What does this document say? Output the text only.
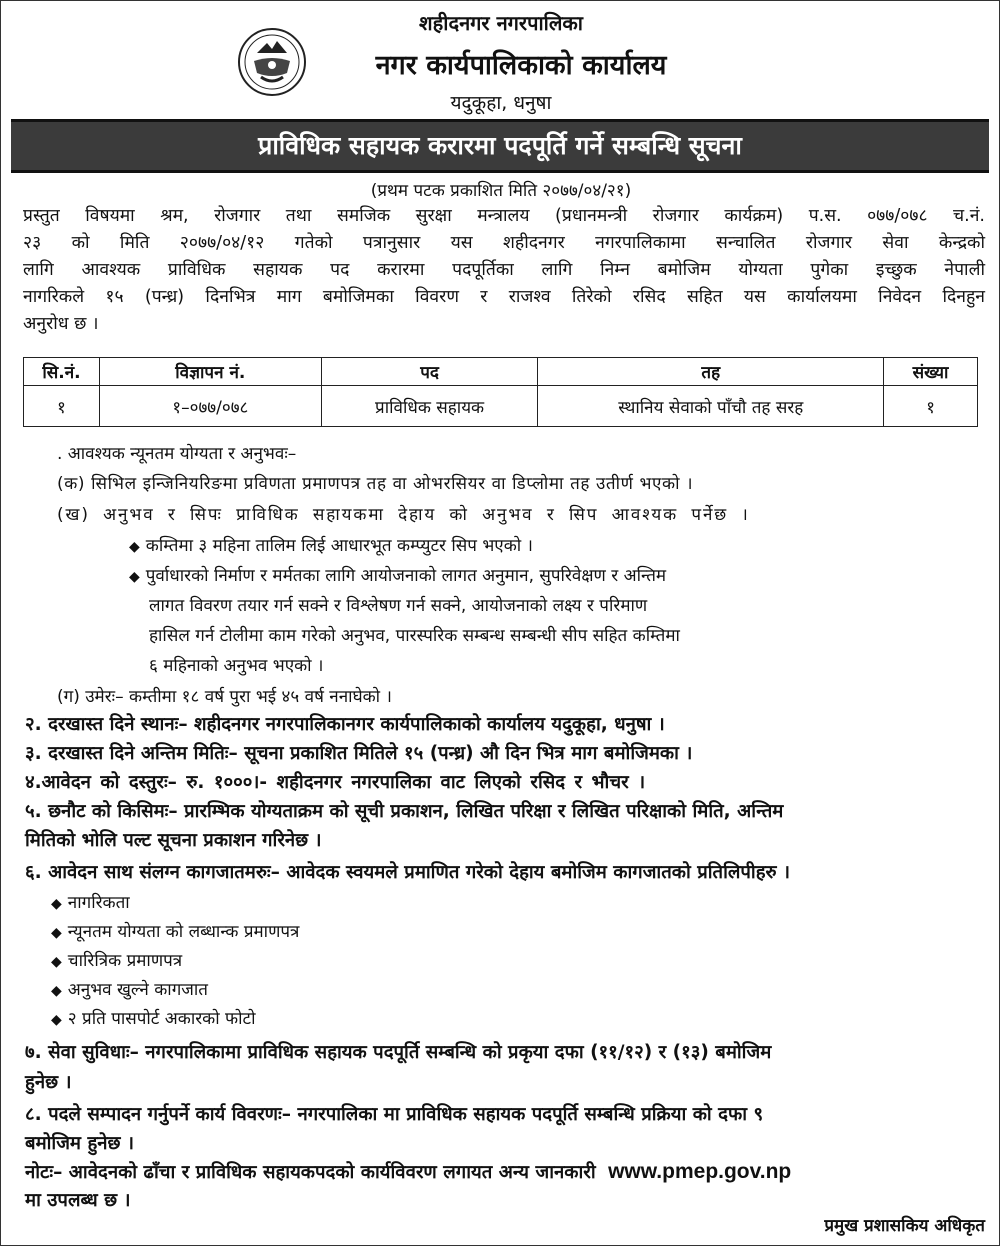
शहीदनगर नगरपालिका
नगर कार्यपालिकाको कार्यालय
यदुकूहा, धनुषा
प्राविधिक सहायक करारमा पदपूर्ति गर्ने सम्बन्धि सूचना
(प्रथम पटक प्रकाशित मिति २०७७/०४/२१)
प्रस्तुत विषयमा श्रम, रोजगार तथा समजिक सुरक्षा मन्त्रालय (प्रधानमन्त्री रोजगार कार्यक्रम) प.स. ०७७/०७८ च.नं.
२३ को मिति २०७७/०४/१२ गतेको पत्रानुसार यस शहीदनगर नगरपालिकामा सन्चालित रोजगार सेवा केन्द्रको
लागि आवश्यक प्राविधिक सहायक पद करारमा पदपूर्तिका लागि निम्न बमोजिम योग्यता पुगेका इच्छुक नेपाली
नागरिकले १५ (पन्ध्र) दिनभित्र माग बमोजिमका विवरण र राजश्व तिरेको रसिद सहित यस कार्यालयमा निवेदन दिनहुन
अनुरोध छ ।
सि.नं.	विज्ञापन नं.	पद	तह	संख्या
१	१–०७७/०७८	प्राविधिक सहायक	स्थानिय सेवाको पाँचौ तह सरह	१
. आवश्यक न्यूनतम योग्यता र अनुभवः–
(क) सिभिल इन्जिनियरिङमा प्रविणता प्रमाणपत्र तह वा ओभरसियर वा डिप्लोमा तह उतीर्ण भएको ।
(ख) अनुभव र सिपः प्राविधिक सहायकमा देहाय को अनुभव र सिप आवश्यक पर्नेछ ।
◆ कम्तिमा ३ महिना तालिम लिई आधारभूत कम्प्युटर सिप भएको ।
◆ पुर्वाधारको निर्माण र मर्मतका लागि आयोजनाको लागत अनुमान, सुपरिवेक्षण र अन्तिम
लागत विवरण तयार गर्न सक्ने र विश्लेषण गर्न सक्ने, आयोजनाको लक्ष्य र परिमाण
हासिल गर्न टोलीमा काम गरेको अनुभव, पारस्परिक सम्बन्ध सम्बन्धी सीप सहित कम्तिमा
६ महिनाको अनुभव भएको ।
(ग) उमेरः– कम्तीमा १८ वर्ष पुरा भई ४५ वर्ष ननाघेको ।
२. दरखास्त दिने स्थानः– शहीदनगर नगरपालिकानगर कार्यपालिकाको कार्यालय यदुकूहा, धनुषा ।
३. दरखास्त दिने अन्तिम मितिः– सूचना प्रकाशित मितिले १५ (पन्ध्र) औ दिन भित्र माग बमोजिमका ।
४.आवेदन को दस्तुरः– रु. १०००।- शहीदनगर नगरपालिका वाट लिएको रसिद र भौचर ।
५. छनौट को किसिमः– प्रारम्भिक योग्यताक्रम को सूची प्रकाशन, लिखित परिक्षा र लिखित परिक्षाको मिति, अन्तिम
मितिको भोलि पल्ट सूचना प्रकाशन गरिनेछ ।
६. आवेदन साथ संलग्न कागजातमरुः– आवेदक स्वयमले प्रमाणित गरेको देहाय बमोजिम कागजातको प्रतिलिपीहरु ।
◆ नागरिकता
◆ न्यूनतम योग्यता को लब्धान्क प्रमाणपत्र
◆ चारित्रिक प्रमाणपत्र
◆ अनुभव खुल्ने कागजात
◆ २ प्रति पासपोर्ट अकारको फोटो
७. सेवा सुविधाः– नगरपालिकामा प्राविधिक सहायक पदपूर्ति सम्बन्धि को प्रकृया दफा (११/१२) र (१३) बमोजिम
हुनेछ ।
८. पदले सम्पादन गर्नुपर्ने कार्य विवरणः– नगरपालिका मा प्राविधिक सहायक पदपूर्ति सम्बन्धि प्रक्रिया को दफा ९
बमोजिम हुनेछ ।
नोटः– आवेदनको ढाँचा र प्राविधिक सहायकपदको कार्यविवरण लगायत अन्य जानकारी www.pmep.gov.np
मा उपलब्ध छ ।
प्रमुख प्रशासकिय अधिकृत
